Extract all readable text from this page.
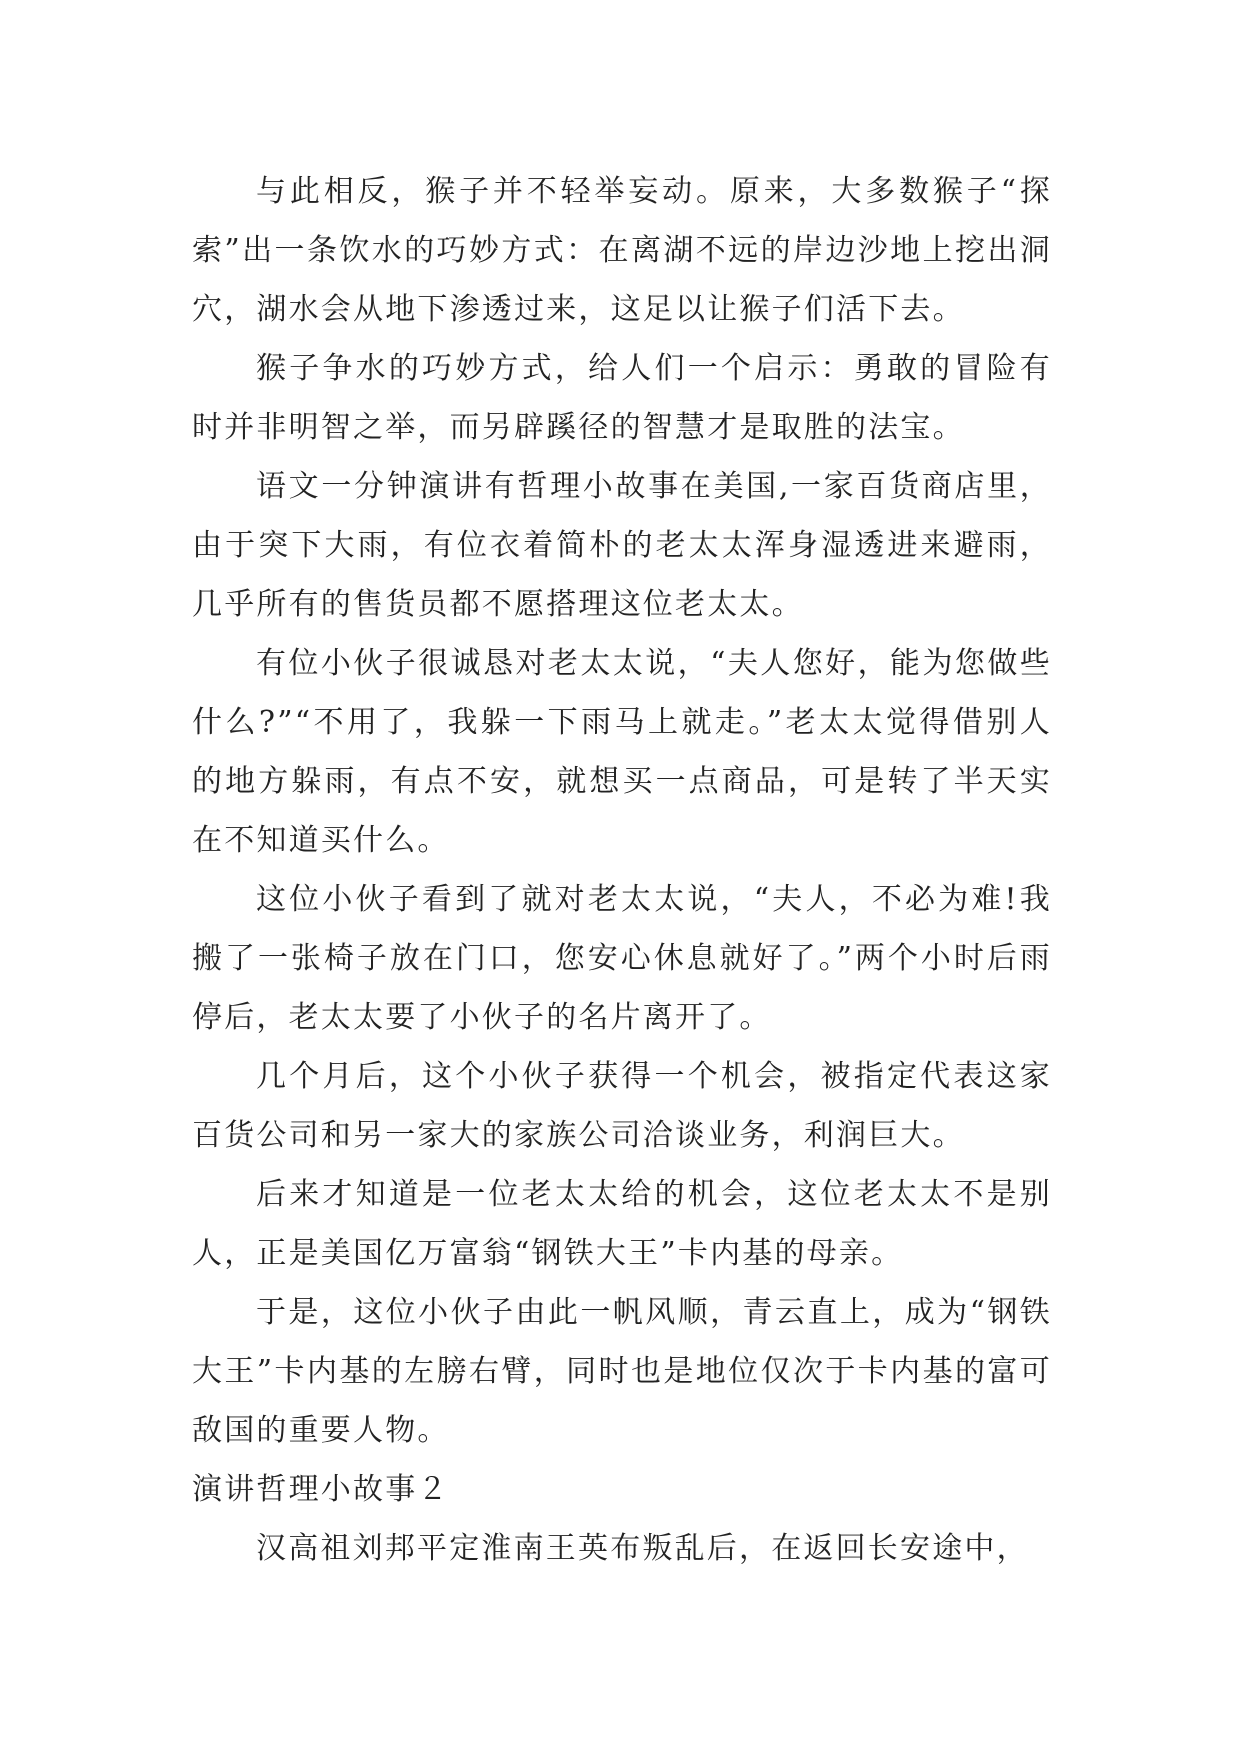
与此相反，猴子并不轻举妄动。原来，大多数猴子“探索”出一条饮水的巧妙方式：在离湖不远的岸边沙地上挖出洞穴，湖水会从地下渗透过来，这足以让猴子们活下去。

猴子争水的巧妙方式，给人们一个启示：勇敢的冒险有时并非明智之举，而另辟蹊径的智慧才是取胜的法宝。

语文一分钟演讲有哲理小故事在美国,一家百货商店里，由于突下大雨，有位衣着简朴的老太太浑身湿透进来避雨，几乎所有的售货员都不愿搭理这位老太太。

有位小伙子很诚恳对老太太说，“夫人您好，能为您做些什么?”“不用了，我躲一下雨马上就走。”老太太觉得借别人的地方躲雨，有点不安，就想买一点商品，可是转了半天实在不知道买什么。

这位小伙子看到了就对老太太说，“夫人，不必为难!我搬了一张椅子放在门口，您安心休息就好了。”两个小时后雨停后，老太太要了小伙子的名片离开了。

几个月后，这个小伙子获得一个机会，被指定代表这家百货公司和另一家大的家族公司洽谈业务，利润巨大。

后来才知道是一位老太太给的机会，这位老太太不是别人，正是美国亿万富翁“钢铁大王”卡内基的母亲。

于是，这位小伙子由此一帆风顺，青云直上，成为“钢铁大王”卡内基的左膀右臂，同时也是地位仅次于卡内基的富可敌国的重要人物。

演讲哲理小故事２

汉高祖刘邦平定淮南王英布叛乱后，在返回长安途中，
